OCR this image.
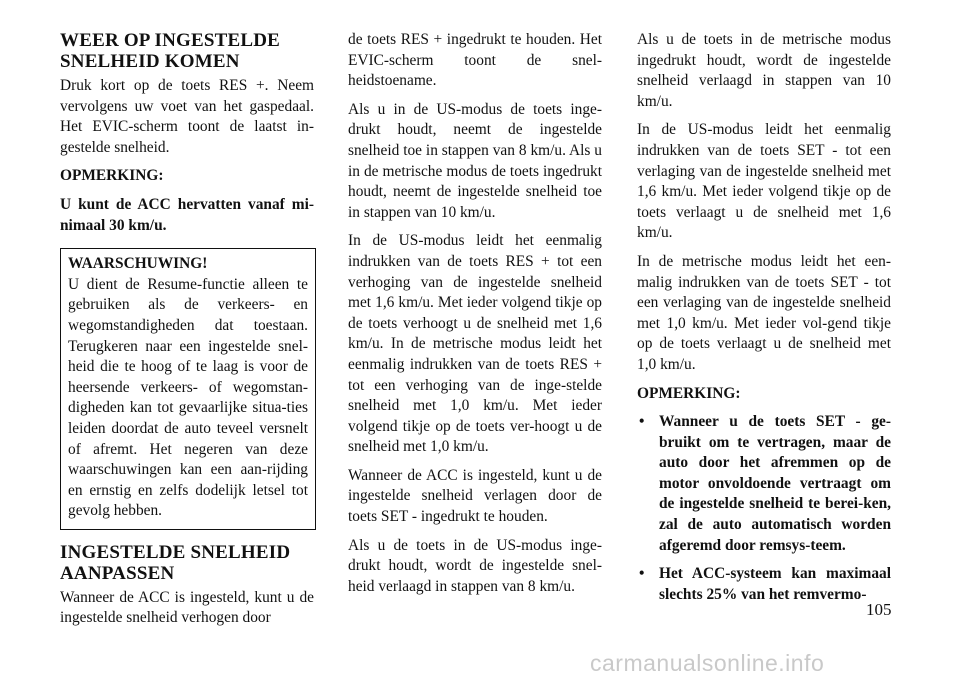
WEER OP INGESTELDE SNELHEID KOMEN

Druk kort op de toets RES +. Neem vervolgens uw voet van het gaspedaal. Het EVIC-scherm toont de laatst in-gestelde snelheid.

OPMERKING:

U kunt de ACC hervatten vanaf mi-nimaal 30 km/u.

WAARSCHUWING!

U dient de Resume-functie alleen te gebruiken als de verkeers- en wegomstandigheden dat toestaan. Terugkeren naar een ingestelde snel-heid die te hoog of te laag is voor de heersende verkeers- of wegomstan-digheden kan tot gevaarlijke situa-ties leiden doordat de auto teveel versnelt of afremt. Het negeren van deze waarschuwingen kan een aan-rijding en ernstig en zelfs dodelijk letsel tot gevolg hebben.

INGESTELDE SNELHEID AANPASSEN

Wanneer de ACC is ingesteld, kunt u de ingestelde snelheid verhogen door

de toets RES + ingedrukt te houden. Het EVIC-scherm toont de snel-heidstoename.

Als u in de US-modus de toets inge-drukt houdt, neemt de ingestelde snelheid toe in stappen van 8 km/u. Als u in de metrische modus de toets ingedrukt houdt, neemt de ingestelde snelheid toe in stappen van 10 km/u.

In de US-modus leidt het eenmalig indrukken van de toets RES + tot een verhoging van de ingestelde snelheid met 1,6 km/u. Met ieder volgend tikje op de toets verhoogt u de snelheid met 1,6 km/u. In de metrische modus leidt het eenmalig indrukken van de toets RES + tot een verhoging van de inge-stelde snelheid met 1,0 km/u. Met ieder volgend tikje op de toets ver-hoogt u de snelheid met 1,0 km/u.

Wanneer de ACC is ingesteld, kunt u de ingestelde snelheid verlagen door de toets SET - ingedrukt te houden.

Als u de toets in de US-modus inge-drukt houdt, wordt de ingestelde snel-heid verlaagd in stappen van 8 km/u.

Als u de toets in de metrische modus ingedrukt houdt, wordt de ingestelde snelheid verlaagd in stappen van 10 km/u.

In de US-modus leidt het eenmalig indrukken van de toets SET - tot een verlaging van de ingestelde snelheid met 1,6 km/u. Met ieder volgend tikje op de toets verlaagt u de snelheid met 1,6 km/u.

In de metrische modus leidt het een-malig indrukken van de toets SET - tot een verlaging van de ingestelde snelheid met 1,0 km/u. Met ieder vol-gend tikje op de toets verlaagt u de snelheid met 1,0 km/u.

OPMERKING:

• Wanneer u de toets SET - ge-bruikt om te vertragen, maar de auto door het afremmen op de motor onvoldoende vertraagt om de ingestelde snelheid te berei-ken, zal de auto automatisch worden afgeremd door remsys-teem.
• Het ACC-systeem kan maximaal slechts 25% van het remvermo-
105
carmanualsonline.info
